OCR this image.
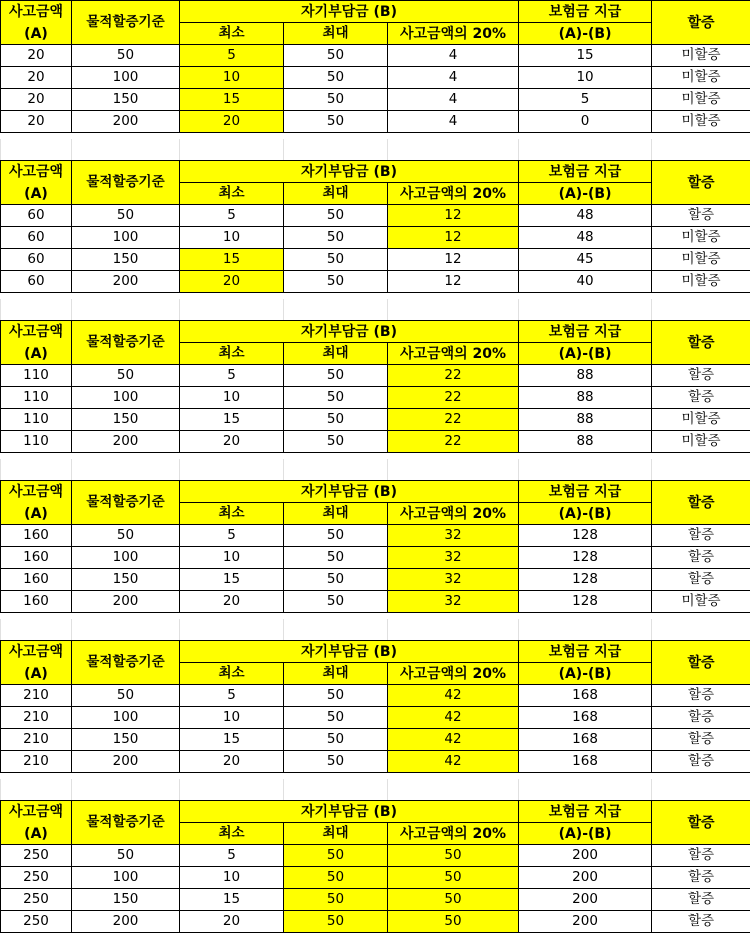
사고금액
(A)	물적할증기준	자기부담금 (B)			보험금 지급	할증
		최소	최대	사고금액의 20%	(A)-(B)	
20	50	5	50	4	15	미할증
20	100	10	50	4	10	미할증
20	150	15	50	4	5	미할증
20	200	20	50	4	0	미할증
사고금액
(A)	물적할증기준	자기부담금 (B)			보험금 지급	할증
		최소	최대	사고금액의 20%	(A)-(B)	
60	50	5	50	12	48	할증
60	100	10	50	12	48	미할증
60	150	15	50	12	45	미할증
60	200	20	50	12	40	미할증
사고금액
(A)	물적할증기준	자기부담금 (B)			보험금 지급	할증
		최소	최대	사고금액의 20%	(A)-(B)	
110	50	5	50	22	88	할증
110	100	10	50	22	88	할증
110	150	15	50	22	88	미할증
110	200	20	50	22	88	미할증
사고금액
(A)	물적할증기준	자기부담금 (B)			보험금 지급	할증
		최소	최대	사고금액의 20%	(A)-(B)	
160	50	5	50	32	128	할증
160	100	10	50	32	128	할증
160	150	15	50	32	128	할증
160	200	20	50	32	128	미할증
사고금액
(A)	물적할증기준	자기부담금 (B)			보험금 지급	할증
		최소	최대	사고금액의 20%	(A)-(B)	
210	50	5	50	42	168	할증
210	100	10	50	42	168	할증
210	150	15	50	42	168	할증
210	200	20	50	42	168	할증
사고금액
(A)	물적할증기준	자기부담금 (B)			보험금 지급	할증
		최소	최대	사고금액의 20%	(A)-(B)	
250	50	5	50	50	200	할증
250	100	10	50	50	200	할증
250	150	15	50	50	200	할증
250	200	20	50	50	200	할증
